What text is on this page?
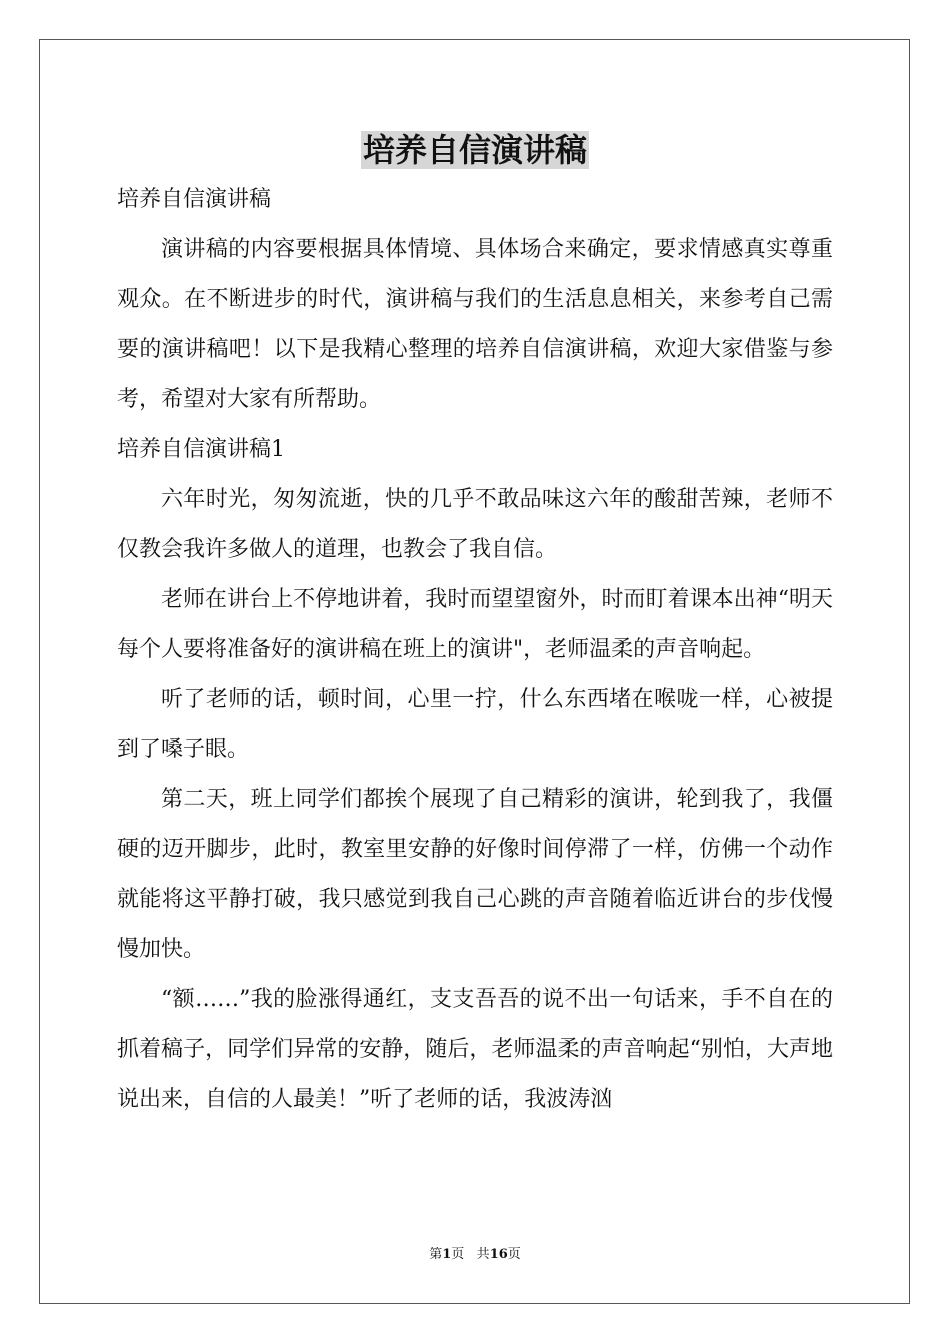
培养自信演讲稿

培养自信演讲稿

演讲稿的内容要根据具体情境、具体场合来确定，要求情感真实尊重观众。在不断进步的时代，演讲稿与我们的生活息息相关，来参考自己需要的演讲稿吧！以下是我精心整理的培养自信演讲稿，欢迎大家借鉴与参考，希望对大家有所帮助。

培养自信演讲稿1

六年时光，匆匆流逝，快的几乎不敢品味这六年的酸甜苦辣，老师不仅教会我许多做人的道理，也教会了我自信。

老师在讲台上不停地讲着，我时而望望窗外，时而盯着课本出神“明天每个人要将准备好的演讲稿在班上的演讲"，老师温柔的声音响起。

听了老师的话，顿时间，心里一拧，什么东西堵在喉咙一样，心被提到了嗓子眼。

第二天，班上同学们都挨个展现了自己精彩的演讲，轮到我了，我僵硬的迈开脚步，此时，教室里安静的好像时间停滞了一样，仿佛一个动作就能将这平静打破，我只感觉到我自己心跳的声音随着临近讲台的步伐慢慢加快。

“额……”我的脸涨得通红，支支吾吾的说不出一句话来，手不自在的抓着稿子，同学们异常的安静，随后，老师温柔的声音响起“别怕，大声地说出来，自信的人最美！”听了老师的话，我波涛汹

第1页 共16页
